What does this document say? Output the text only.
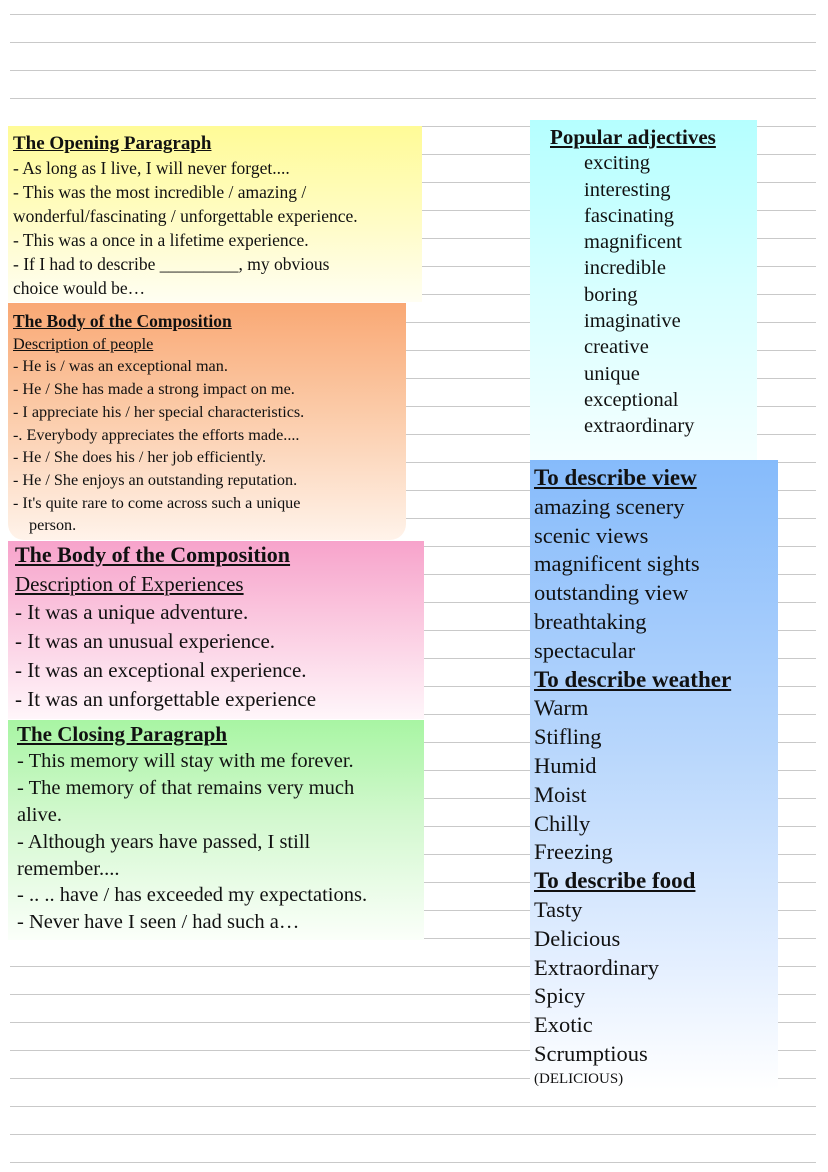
The Opening Paragraph
- As long as I live, I will never forget....
- This was the most incredible / amazing /
wonderful/fascinating / unforgettable experience.
- This was a once in a lifetime experience.
- If I had to describe _________, my obvious
choice would be…
The Body of the Composition
Description of people
- He is / was an exceptional man.
- He / She has made a strong impact on me.
- I appreciate his / her special characteristics.
-. Everybody appreciates the efforts made....
- He / She does his / her job efficiently.
- He / She enjoys an outstanding reputation.
- It's quite rare to come across such a unique
person.
The Body of the Composition
Description of Experiences
- It was a unique adventure.
- It was an unusual experience.
- It was an exceptional experience.
- It was an unforgettable experience
The Closing Paragraph
- This memory will stay with me forever.
- The memory of that remains very much
alive.
- Although years have passed, I still
remember....
- .. .. have / has exceeded my expectations.
- Never have I seen / had such a…
Popular adjectives
exciting
interesting
fascinating
magnificent
incredible
boring
imaginative
creative
unique
exceptional
extraordinary
To describe view
amazing scenery
scenic views
magnificent sights
outstanding view
breathtaking
spectacular
To describe weather
Warm
Stifling
Humid
Moist
Chilly
Freezing
To describe food
Tasty
Delicious
Extraordinary
Spicy
Exotic
Scrumptious
(DELICIOUS)
